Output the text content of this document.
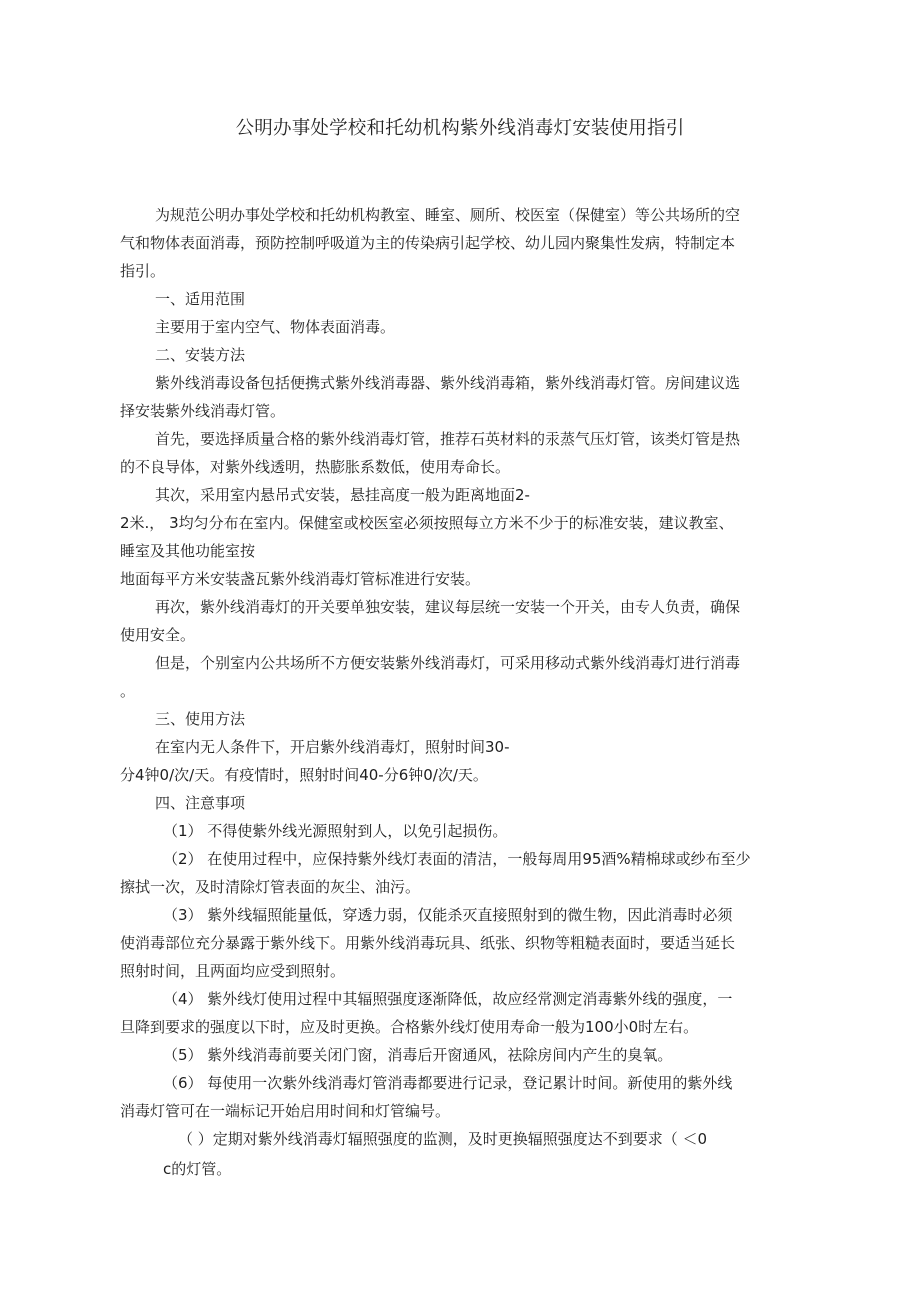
公明办事处学校和托幼机构紫外线消毒灯安装使用指引
为规范公明办事处学校和托幼机构教室、睡室、厕所、校医室（保健室）等公共场所的空
气和物体表面消毒，预防控制呼吸道为主的传染病引起学校、幼儿园内聚集性发病，特制定本
指引。
一、适用范围
主要用于室内空气、物体表面消毒。
二、安装方法
紫外线消毒设备包括便携式紫外线消毒器、紫外线消毒箱，紫外线消毒灯管。房间建议选
择安装紫外线消毒灯管。
首先，要选择质量合格的紫外线消毒灯管，推荐石英材料的汞蒸气压灯管，该类灯管是热
的不良导体，对紫外线透明，热膨胀系数低，使用寿命长。
其次，采用室内悬吊式安装，悬挂高度一般为距离地面2-
2米.， 3均匀分布在室内。保健室或校医室必须按照每立方米不少于的标准安装，建议教室、
睡室及其他功能室按
地面每平方米安装盏瓦紫外线消毒灯管标准进行安装。
再次，紫外线消毒灯的开关要单独安装，建议每层统一安装一个开关，由专人负责，确保
使用安全。
但是，个别室内公共场所不方便安装紫外线消毒灯，可采用移动式紫外线消毒灯进行消毒
。
三、使用方法
在室内无人条件下，开启紫外线消毒灯，照射时间30-
分4钟0/次/天。有疫情时，照射时间40-分6钟0/次/天。
四、注意事项
（1） 不得使紫外线光源照射到人，以免引起损伤。
（2） 在使用过程中，应保持紫外线灯表面的清洁，一般每周用95酒%精棉球或纱布至少
擦拭一次，及时清除灯管表面的灰尘、油污。
（3） 紫外线辐照能量低，穿透力弱，仅能杀灭直接照射到的微生物，因此消毒时必须
使消毒部位充分暴露于紫外线下。用紫外线消毒玩具、纸张、织物等粗糙表面时，要适当延长
照射时间，且两面均应受到照射。
（4） 紫外线灯使用过程中其辐照强度逐渐降低，故应经常测定消毒紫外线的强度，一
旦降到要求的强度以下时，应及时更换。合格紫外线灯使用寿命一般为100小0时左右。
（5） 紫外线消毒前要关闭门窗，消毒后开窗通风，祛除房间内产生的臭氧。
（6） 每使用一次紫外线消毒灯管消毒都要进行记录，登记累计时间。新使用的紫外线
消毒灯管可在一端标记开始启用时间和灯管编号。
（ ）定期对紫外线消毒灯辐照强度的监测，及时更换辐照强度达不到要求（ ＜0
c的灯管。
